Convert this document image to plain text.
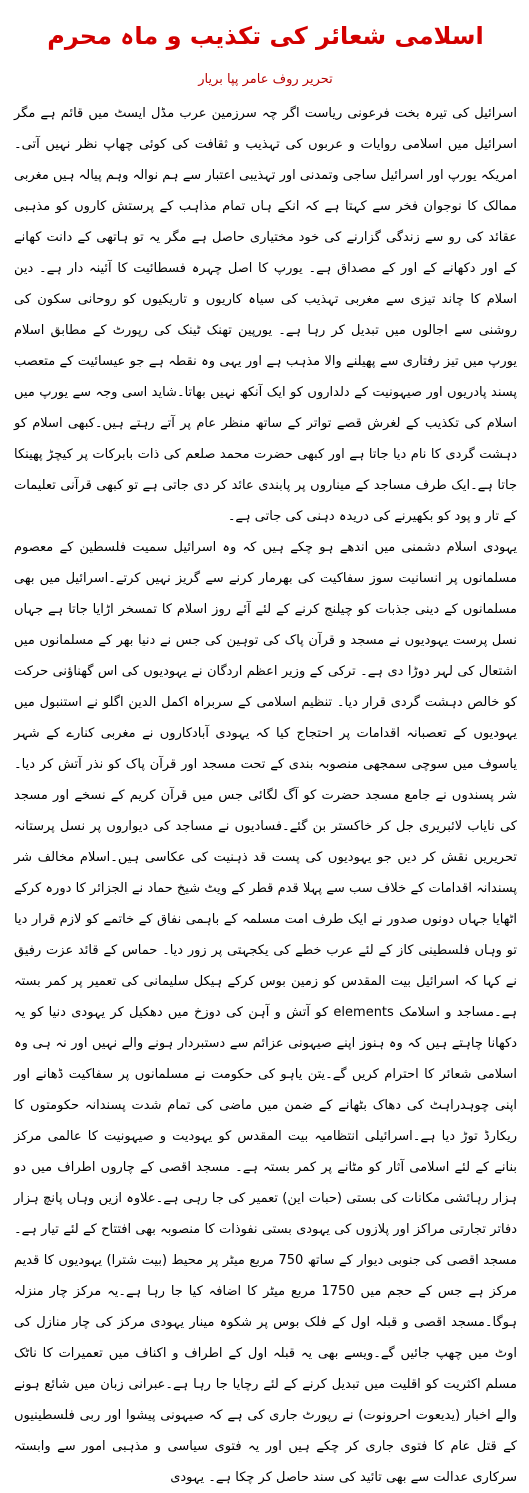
اسلامی شعائر کی تکذیب و ماہ محرم
تحریر روف عامر پپا بریار

اسرائیل کی تیرہ بخت فرعونی ریاست اگر چہ سرزمین عرب مڈل ایسٹ میں قائم ہے مگر اسرائیل میں اسلامی روایات و عربوں کی تہذیب و ثقافت کی کوئی چھاپ نظر نہیں آتی۔امریکہ یورپ اور اسرائیل ساجی وتمدنی اور تہذیبی اعتبار سے ہم نوالہ وہم پیالہ ہیں مغربی ممالک کا نوجوان فخر سے کہتا ہے کہ انکے ہاں تمام مذاہب کے پرستش کاروں کو مذہبی عقائد کی رو سے زندگی گزارنے کی خود مختیاری حاصل ہے مگر یہ تو ہاتھی کے دانت کھانے کے اور دکھانے کے اور کے مصداق ہے۔ یورپ کا اصل چہرہ فسطائیت کا آئینہ دار ہے۔ دین اسلام کا چاند تیزی سے مغربی تہذیب کی سیاہ کاریوں و تاریکیوں کو روحانی سکون کی روشنی سے اجالوں میں تبدیل کر رہا ہے۔ یورپین تھنک ٹینک کی رپورٹ کے مطابق اسلام یورپ میں تیز رفتاری سے پھیلنے والا مذہب ہے اور یہی وہ نقطہ ہے جو عیسائیت کے متعصب پسند پادریوں اور صیہونیت کے دلداروں کو ایک آنکھ نہیں بھاتا۔شاید اسی وجہ سے یورپ میں اسلام کی تکذیب کے لغرش قصے تواتر کے ساتھ منظر عام پر آتے رہتے ہیں۔کبھی اسلام کو دہشت گردی کا نام دیا جاتا ہے اور کبھی حضرت محمد صلعم کی ذات بابرکات پر کیچڑ پھینکا جاتا ہے۔ایک طرف مساجد کے میناروں پر پابندی عائد کر دی جاتی ہے تو کبھی قرآنی تعلیمات کے تار و پود کو بکھیرنے کی دریدہ دہنی کی جاتی ہے۔

یہودی اسلام دشمنی میں اندھے ہو چکے ہیں کہ وہ اسرائیل سمیت فلسطین کے معصوم مسلمانوں پر انسانیت سوز سفاکیت کی بھرمار کرنے سے گریز نہیں کرتے۔اسرائیل میں بھی مسلمانوں کے دینی جذبات کو چیلنج کرنے کے لئے آئے روز اسلام کا تمسخر اڑایا جاتا ہے جہاں نسل پرست یہودیوں نے مسجد و قرآن پاک کی توہین کی جس نے دنیا بھر کے مسلمانوں میں اشتعال کی لہر دوڑا دی ہے۔ ترکی کے وزیر اعظم اردگان نے یہودیوں کی اس گھناؤنی حرکت کو خالص دہشت گردی قرار دیا۔ تنظیم اسلامی کے سربراہ اکمل الدین اگلو نے استنبول میں یہودیوں کے تعصبانہ اقدامات پر احتجاج کیا کہ یہودی آبادکاروں نے مغربی کنارے کے شہر یاسوف میں سوچی سمجھی منصوبہ بندی کے تحت مسجد اور قرآن پاک کو نذر آتش کر دیا۔شر پسندوں نے جامع مسجد حضرت کو آگ لگائی جس میں قرآن کریم کے نسخے اور مسجد کی نایاب لائبریری جل کر خاکستر بن گئے۔فسادیوں نے مساجد کی دیواروں پر نسل پرستانہ تحریریں نقش کر دیں جو یہودیوں کی پست قد ذہنیت کی عکاسی ہیں۔اسلام مخالف شر پسندانہ اقدامات کے خلاف سب سے پہلا قدم قطر کے ویٹ شیخ حماد نے الجزائر کا دورہ کرکے اٹھایا جہاں دونوں صدور نے ایک طرف امت مسلمہ کے باہمی نفاق کے خاتمے کو لازم قرار دیا تو وہاں فلسطینی کاز کے لئے عرب خطے کی یکجہتی پر زور دیا۔ حماس کے قائد عزت رفیق نے کہا کہ اسرائیل بیت المقدس کو زمین بوس کرکے ہیکل سلیمانی کی تعمیر پر کمر بستہ ہے۔مساجد و اسلامک elements کو آتش و آہن کی دوزخ میں دھکیل کر یہودی دنیا کو یہ دکھانا چاہتے ہیں کہ وہ ہنوز اپنے صیہونی عزائم سے دستبردار ہونے والے نہیں اور نہ ہی وہ اسلامی شعائر کا احترام کریں گے۔یتن یاہو کی حکومت نے مسلمانوں پر سفاکیت ڈھانے اور اپنی چوہدراہٹ کی دھاک بٹھانے کے ضمن میں ماضی کی تمام شدت پسندانہ حکومتوں کا ریکارڈ توڑ دیا ہے۔اسرائیلی انتظامیہ بیت المقدس کو یہودیت و صیہونیت کا عالمی مرکز بنانے کے لئے اسلامی آثار کو مٹانے پر کمر بستہ ہے۔ مسجد اقصی کے چاروں اطراف میں دو ہزار رہائشی مکانات کی بستی (حبات این) تعمیر کی جا رہی ہے۔علاوہ ازیں وہاں پانچ ہزار دفاتر تجارتی مراکز اور پلازوں کی یہودی بستی نفوذات کا منصوبہ بھی افتتاح کے لئے تیار ہے۔ مسجد اقصی کی جنوبی دیوار کے ساتھ 750 مربع میٹر پر محیط (بیت شترا) یہودیوں کا قدیم مرکز ہے جس کے حجم میں 1750 مربع میٹر کا اضافہ کیا جا رہا ہے۔یہ مرکز چار منزلہ ہوگا۔مسجد اقصی و قبلہ اول کے فلک بوس پر شکوہ مینار یہودی مرکز کی چار منازل کی اوٹ میں چھپ جائیں گے۔ویسے بھی یہ قبلہ اول کے اطراف و اکناف میں تعمیرات کا ناٹک مسلم اکثریت کو اقلیت میں تبدیل کرنے کے لئے رچایا جا رہا ہے۔عبرانی زبان میں شائع ہونے والے اخبار (یدیعوت احرونوت) نے رپورٹ جاری کی ہے کہ صیہونی پیشوا اور ربی فلسطینیوں کے قتل عام کا فتوی جاری کر چکے ہیں اور یہ فتوی سیاسی و مذہبی امور سے وابستہ سرکاری عدالت سے بھی تائید کی سند حاصل کر چکا ہے۔ یہودی
